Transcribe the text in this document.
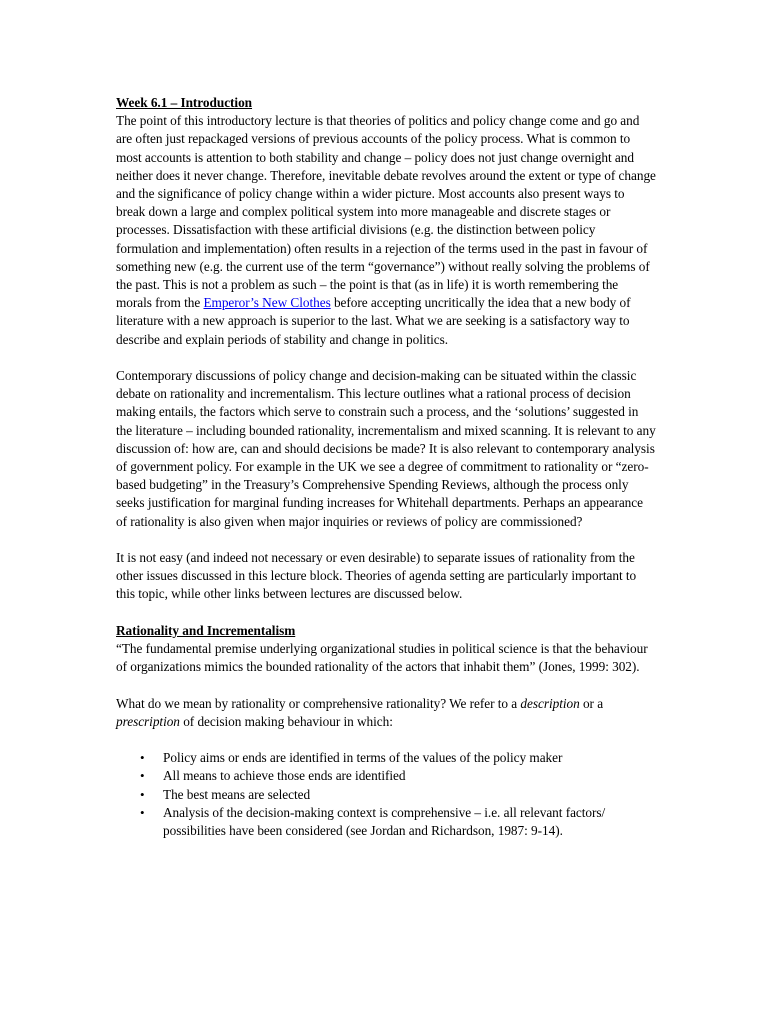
Week 6.1 – Introduction

The point of this introductory lecture is that theories of politics and policy change come and go and are often just repackaged versions of previous accounts of the policy process. What is common to most accounts is attention to both stability and change – policy does not just change overnight and neither does it never change. Therefore, inevitable debate revolves around the extent or type of change and the significance of policy change within a wider picture. Most accounts also present ways to break down a large and complex political system into more manageable and discrete stages or processes. Dissatisfaction with these artificial divisions (e.g. the distinction between policy formulation and implementation) often results in a rejection of the terms used in the past in favour of something new (e.g. the current use of the term “governance”) without really solving the problems of the past. This is not a problem as such – the point is that (as in life) it is worth remembering the morals from the Emperor’s New Clothes before accepting uncritically the idea that a new body of literature with a new approach is superior to the last. What we are seeking is a satisfactory way to describe and explain periods of stability and change in politics.

Contemporary discussions of policy change and decision-making can be situated within the classic debate on rationality and incrementalism. This lecture outlines what a rational process of decision making entails, the factors which serve to constrain such a process, and the ‘solutions’ suggested in the literature – including bounded rationality, incrementalism and mixed scanning. It is relevant to any discussion of: how are, can and should decisions be made? It is also relevant to contemporary analysis of government policy. For example in the UK we see a degree of commitment to rationality or “zero-based budgeting” in the Treasury’s Comprehensive Spending Reviews, although the process only seeks justification for marginal funding increases for Whitehall departments. Perhaps an appearance of rationality is also given when major inquiries or reviews of policy are commissioned?

It is not easy (and indeed not necessary or even desirable) to separate issues of rationality from the other issues discussed in this lecture block. Theories of agenda setting are particularly important to this topic, while other links between lectures are discussed below.

Rationality and Incrementalism

“The fundamental premise underlying organizational studies in political science is that the behaviour of organizations mimics the bounded rationality of the actors that inhabit them” (Jones, 1999: 302).

What do we mean by rationality or comprehensive rationality? We refer to a description or a prescription of decision making behaviour in which:

• Policy aims or ends are identified in terms of the values of the policy maker
• All means to achieve those ends are identified
• The best means are selected
• Analysis of the decision-making context is comprehensive – i.e. all relevant factors/ possibilities have been considered (see Jordan and Richardson, 1987: 9-14).
